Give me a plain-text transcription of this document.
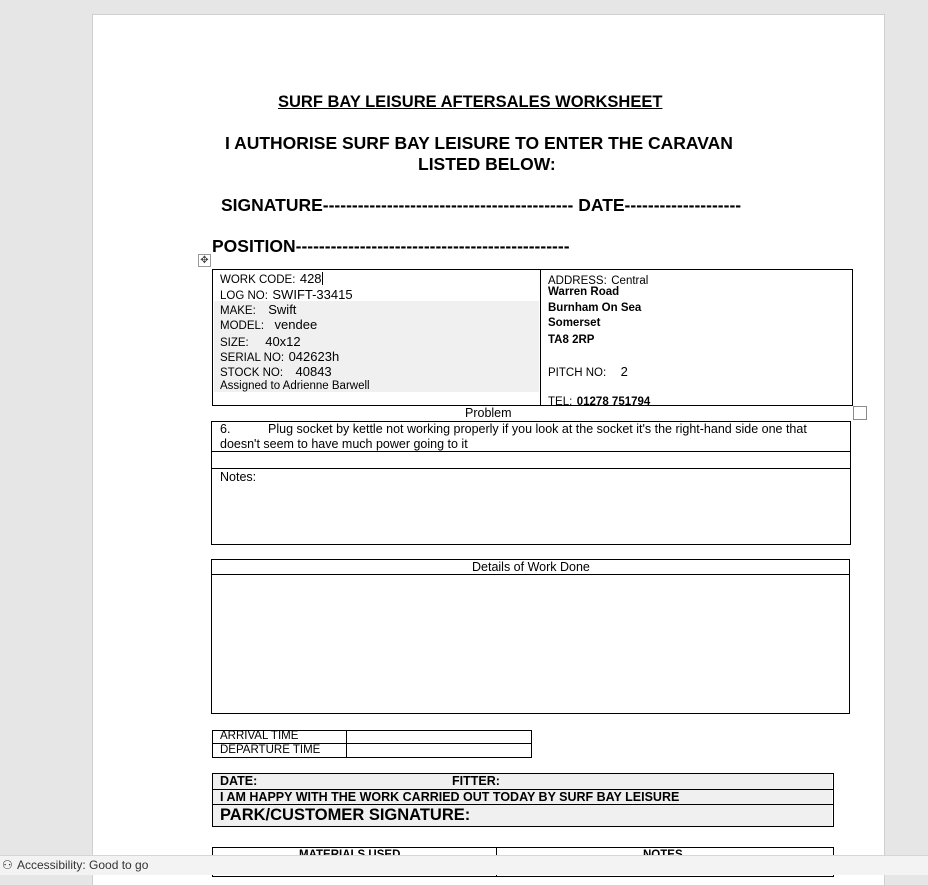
SURF BAY LEISURE AFTERSALES WORKSHEET
I AUTHORISE SURF BAY LEISURE TO ENTER THE CARAVAN
LISTED BELOW:
SIGNATURE------------------------------------------- DATE--------------------
POSITION-----------------------------------------------
✥
WORK CODE: 428
LOG NO: SWIFT-33415
MAKE: Swift
MODEL: vendee
SIZE: 40x12
SERIAL NO: 042623h
STOCK NO: 40843
Assigned to Adrienne Barwell
ADDRESS: Central
Warren Road
Burnham On Sea
Somerset
TA8 2RP
PITCH NO: 2
TEL: 01278 751794
Problem
6.	Plug socket by kettle not working properly if you look at the socket it's the right-hand side one that
doesn't seem to have much power going to it
Notes:
Details of Work Done
ARRIVAL TIME
DEPARTURE TIME
DATE:	FITTER:
I AM HAPPY WITH THE WORK CARRIED OUT TODAY BY SURF BAY LEISURE
PARK/CUSTOMER SIGNATURE:
⚇ Accessibility: Good to go
